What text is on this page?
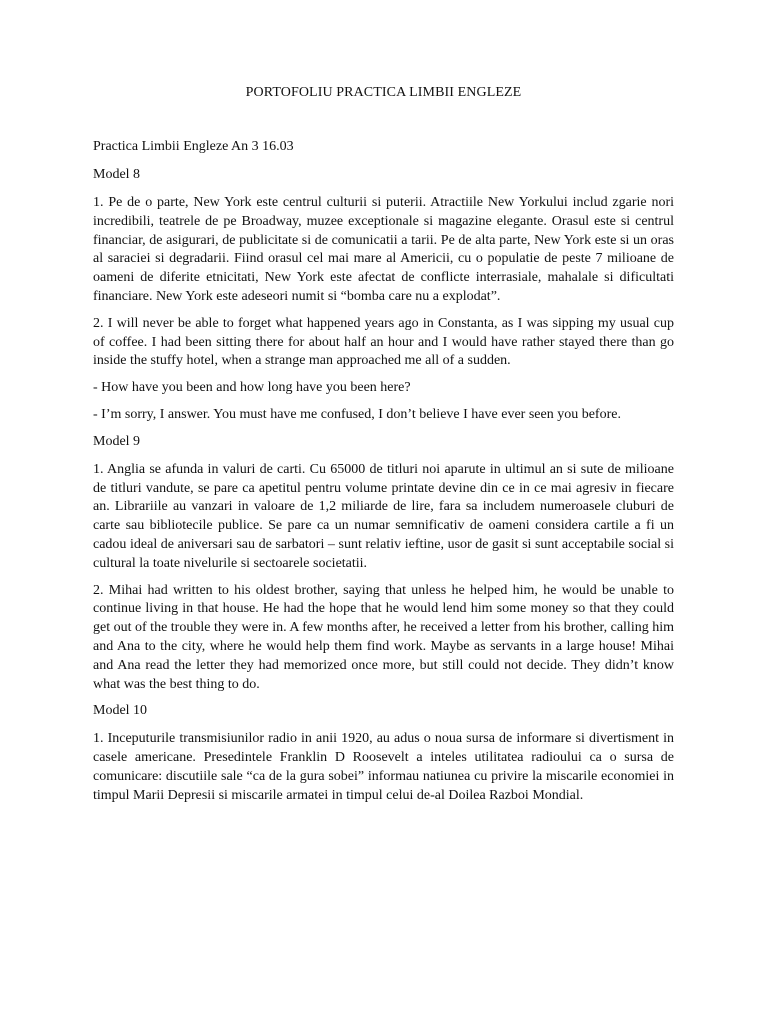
PORTOFOLIU PRACTICA LIMBII ENGLEZE
Practica Limbii Engleze An 3 16.03
Model 8

1. Pe de o parte, New York este centrul culturii si puterii. Atractiile New Yorkului includ zgarie nori incredibili, teatrele de pe Broadway, muzee exceptionale si magazine elegante. Orasul este si centrul financiar, de asigurari, de publicitate si de comunicatii a tarii. Pe de alta parte, New York este si un oras al saraciei si degradarii. Fiind orasul cel mai mare al Americii, cu o populatie de peste 7 milioane de oameni de diferite etnicitati, New York este afectat de conflicte interrasiale, mahalale si dificultati financiare. New York este adeseori numit si “bomba care nu a explodat”.

2. I will never be able to forget what happened years ago in Constanta, as I was sipping my usual cup of coffee. I had been sitting there for about half an hour and I would have rather stayed there than go inside the stuffy hotel, when a strange man approached me all of a sudden.

- How have you been and how long have you been here?

- I’m sorry, I answer. You must have me confused, I don’t believe I have ever seen you before.

Model 9

1. Anglia se afunda in valuri de carti. Cu 65000 de titluri noi aparute in ultimul an si sute de milioane de titluri vandute, se pare ca apetitul pentru volume printate devine din ce in ce mai agresiv in fiecare an. Librariile au vanzari in valoare de 1,2 miliarde de lire, fara sa includem numeroasele cluburi de carte sau bibliotecile publice. Se pare ca un numar semnificativ de oameni considera cartile a fi un cadou ideal de aniversari sau de sarbatori – sunt relativ ieftine, usor de gasit si sunt acceptabile social si cultural la toate nivelurile si sectoarele societatii.

2. Mihai had written to his oldest brother, saying that unless he helped him, he would be unable to continue living in that house. He had the hope that he would lend him some money so that they could get out of the trouble they were in. A few months after, he received a letter from his brother, calling him and Ana to the city, where he would help them find work. Maybe as servants in a large house! Mihai and Ana read the letter they had memorized once more, but still could not decide. They didn’t know what was the best thing to do.

Model 10

1. Inceputurile transmisiunilor radio in anii 1920, au adus o noua sursa de informare si divertisment in casele americane. Presedintele Franklin D Roosevelt a inteles utilitatea radioului ca o sursa de comunicare: discutiile sale “ca de la gura sobei” informau natiunea cu privire la miscarile economiei in timpul Marii Depresii si miscarile armatei in timpul celui de-al Doilea Razboi Mondial.
